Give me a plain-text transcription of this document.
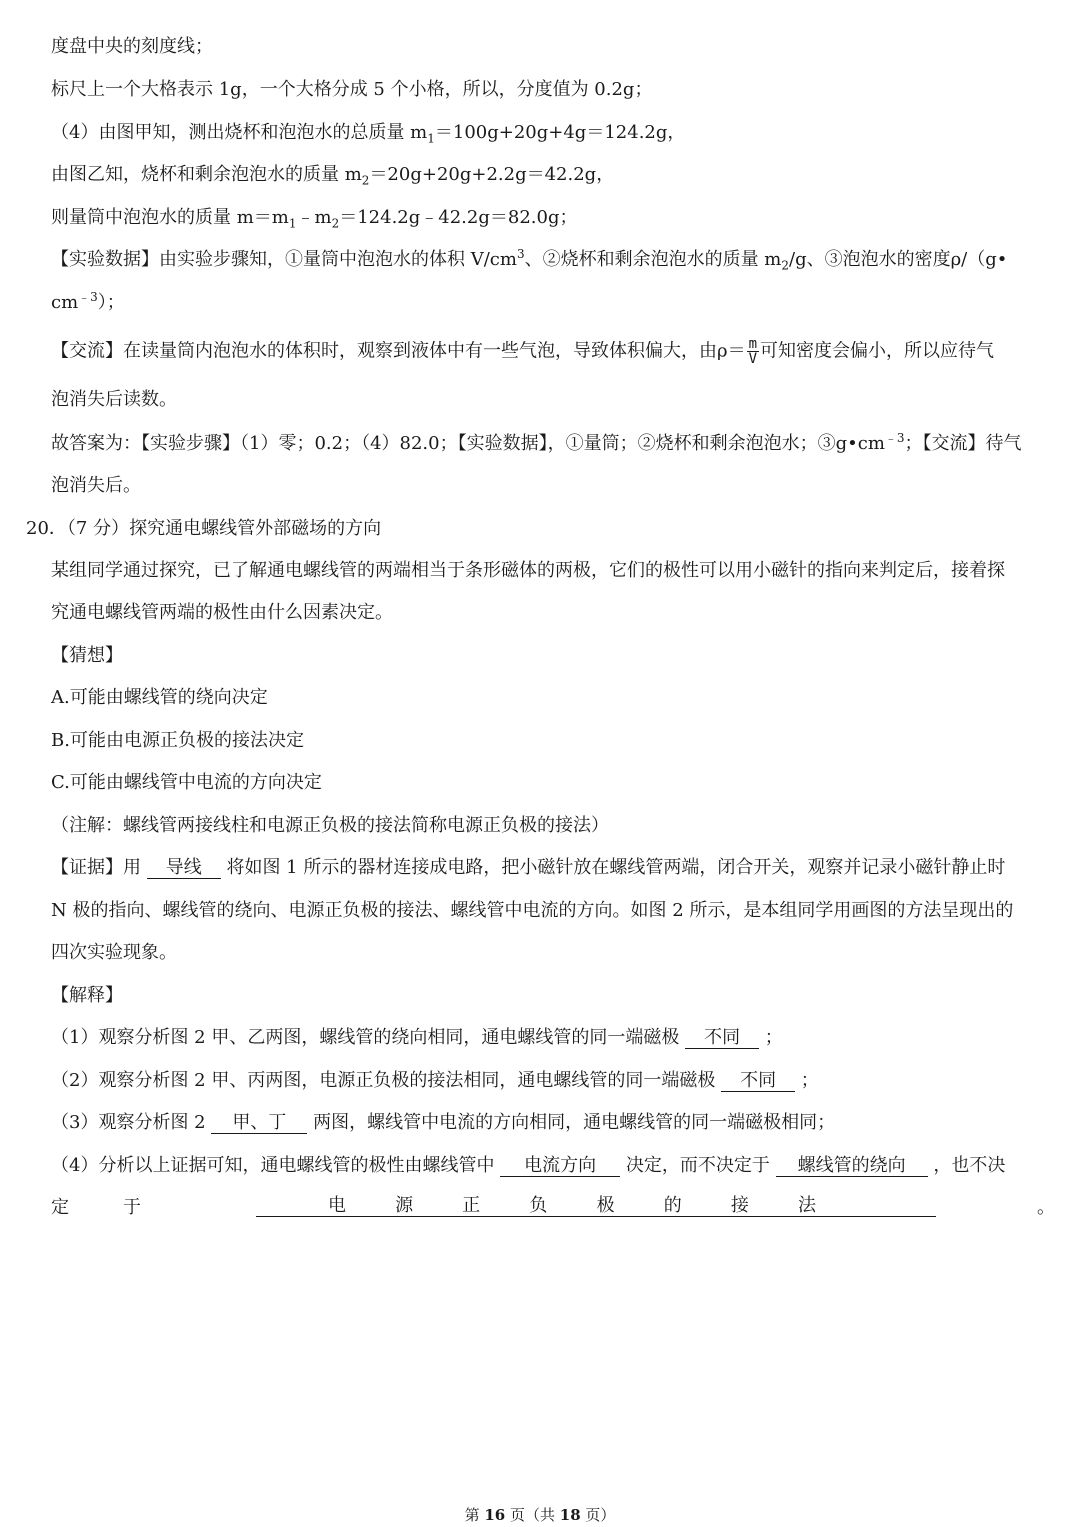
度盘中央的刻度线；
标尺上一个大格表示 1g，一个大格分成 5 个小格，所以，分度值为 0.2g；
（4）由图甲知，测出烧杯和泡泡水的总质量 $m_1=100g+20g+4g=124.2g$，
由图乙知，烧杯和剩余泡泡水的质量 $m_2=20g+20g+2.2g=42.2g$，
则量筒中泡泡水的质量 $m=m_1﹣m_2=124.2g﹣42.2g=82.0g$；
【实验数据】由实验步骤知，①量筒中泡泡水的体积 $V/cm^3$、②烧杯和剩余泡泡水的质量 $m_2/g$、③泡泡水的密度ρ/（g•
$cm^{﹣3}$）；
【交流】在读量筒内泡泡水的体积时，观察到液体中有一些气泡，导致体积偏大，由$\rho= \frac{m}{V}$ 可知密度会偏小，所以应待气
泡消失后读数。
故答案为：【实验步骤】（1）零；0.2；（4）82.0；【实验数据】，①量筒；②烧杯和剩余泡泡水；$③g•cm^{﹣3}$；【交流】待气
泡消失后。
20．（7 分）探究通电螺线管外部磁场的方向
某组同学通过探究，已了解通电螺线管的两端相当于条形磁体的两极，它们的极性可以用小磁针的指向来判定后，接着探
究通电螺线管两端的极性由什么因素决定。
【猜想】
A.可能由螺线管的绕向决定
B.可能由电源正负极的接法决定
C.可能由螺线管中电流的方向决定
（注解：螺线管两接线柱和电源正负极的接法简称电源正负极的接法）
【证据】用 导线 将如图 1 所示的器材连接成电路，把小磁针放在螺线管两端，闭合开关，观察并记录小磁针静止时
N 极的指向、螺线管的绕向、电源正负极的接法、螺线管中电流的方向。如图 2 所示，是本组同学用画图的方法呈现出的
四次实验现象。
【解释】
（1）观察分析图 2 甲、乙两图，螺线管的绕向相同，通电螺线管的同一端磁极 不同 ；
（2）观察分析图 2 甲、丙两图，电源正负极的接法相同，通电螺线管的同一端磁极 不同 ；
（3）观察分析图 2 甲、丁 两图，螺线管中电流的方向相同，通电螺线管的同一端磁极相同；
（4）分析以上证据可知，通电螺线管的极性由螺线管中 电流方向 决定，而不决定于 螺线管的绕向 ，也不决
定	于	电	源	正	负	极	的	接	法	。
第 16 页（共 18 页）
